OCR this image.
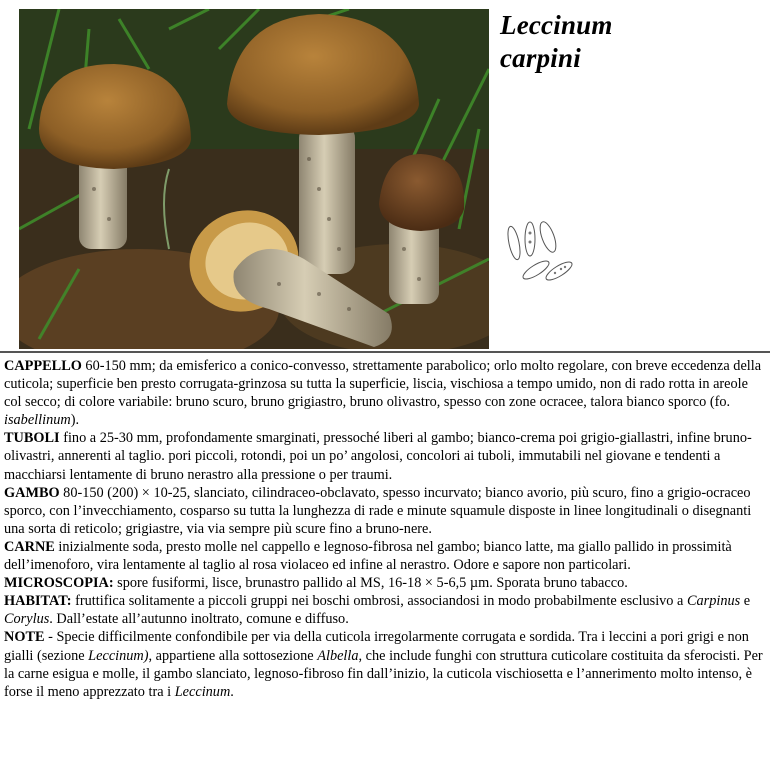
Leccinum
carpini

CAPPELLO 60-150 mm; da emisferico a conico-convesso, strettamente parabolico; orlo molto regolare, con breve eccedenza della cuticola; superficie ben presto corrugata-grinzosa su tutta la superficie, liscia, vischiosa a tempo umido, non di rado rotta in areole col secco; di colore variabile: bruno scuro, bruno grigiastro, bruno olivastro, spesso con zone ocracee, talora bianco sporco (fo. isabellinum).

TUBOLI fino a 25-30 mm, profondamente smarginati, pressoché liberi al gambo; bianco-crema poi grigio-giallastri, infine bruno-olivastri, annerenti al taglio. pori piccoli, rotondi, poi un po’ angolosi, concolori ai tuboli, immutabili nel giovane e tendenti a macchiarsi lentamente di bruno nerastro alla pressione o per traumi.

GAMBO 80-150 (200) × 10-25, slanciato, cilindraceo-obclavato, spesso incurvato; bianco avorio, più scuro, fino a grigio-ocraceo sporco, con l’invecchiamento, cosparso su tutta la lunghezza di rade e minute squamule disposte in linee longitudinali o disegnanti una sorta di reticolo; grigiastre, via via sempre più scure fino a bruno-nere.

CARNE inizialmente soda, presto molle nel cappello e legnoso-fibrosa nel gambo; bianco latte, ma giallo pallido in prossimità dell’imenoforo, vira lentamente al taglio al rosa violaceo ed infine al nerastro. Odore e sapore non particolari.

MICROSCOPIA: spore fusiformi, lisce, brunastro pallido al MS, 16-18 × 5-6,5 µm. Sporata bruno tabacco.

HABITAT: fruttifica solitamente a piccoli gruppi nei boschi ombrosi, associandosi in modo probabilmente esclusivo a Carpinus e Corylus. Dall’estate all’autunno inoltrato, comune e diffuso.

NOTE - Specie difficilmente confondibile per via della cuticola irregolarmente corrugata e sordida. Tra i leccini a pori grigi e non gialli (sezione Leccinum), appartiene alla sottosezione Albella, che include funghi con struttura cuticolare costituita da sferocisti. Per la carne esigua e molle, il gambo slanciato, legnoso-fibroso fin dall’inizio, la cuticola vischiosetta e l’annerimento molto intenso, è forse il meno apprezzato tra i Leccinum.
